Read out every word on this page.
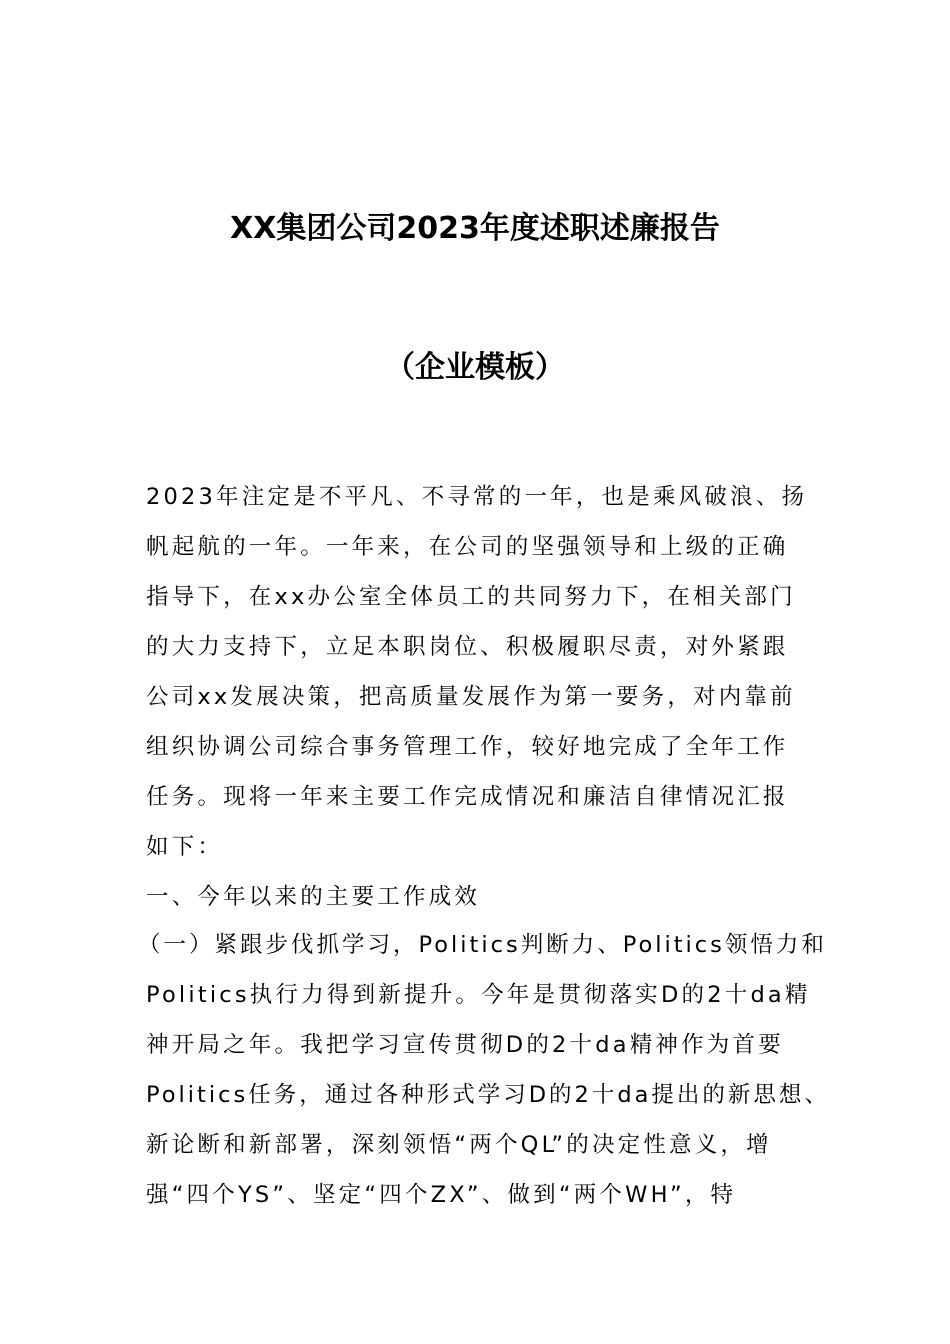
XX集团公司2023年度述职述廉报告
（企业模板）
2023年注定是不平凡、不寻常的一年，也是乘风破浪、扬
帆起航的一年。一年来，在公司的坚强领导和上级的正确
指导下，在xx办公室全体员工的共同努力下，在相关部门
的大力支持下，立足本职岗位、积极履职尽责，对外紧跟
公司xx发展决策，把高质量发展作为第一要务，对内靠前
组织协调公司综合事务管理工作，较好地完成了全年工作
任务。现将一年来主要工作完成情况和廉洁自律情况汇报
如下：
一、今年以来的主要工作成效
（一）紧跟步伐抓学习，Politics判断力、Politics领悟力和
Politics执行力得到新提升。今年是贯彻落实D的2十da精
神开局之年。我把学习宣传贯彻D的2十da精神作为首要
Politics任务，通过各种形式学习D的2十da提出的新思想、
新论断和新部署，深刻领悟“两个QL”的决定性意义，增
强“四个YS”、坚定“四个ZX”、做到“两个WH”，特
